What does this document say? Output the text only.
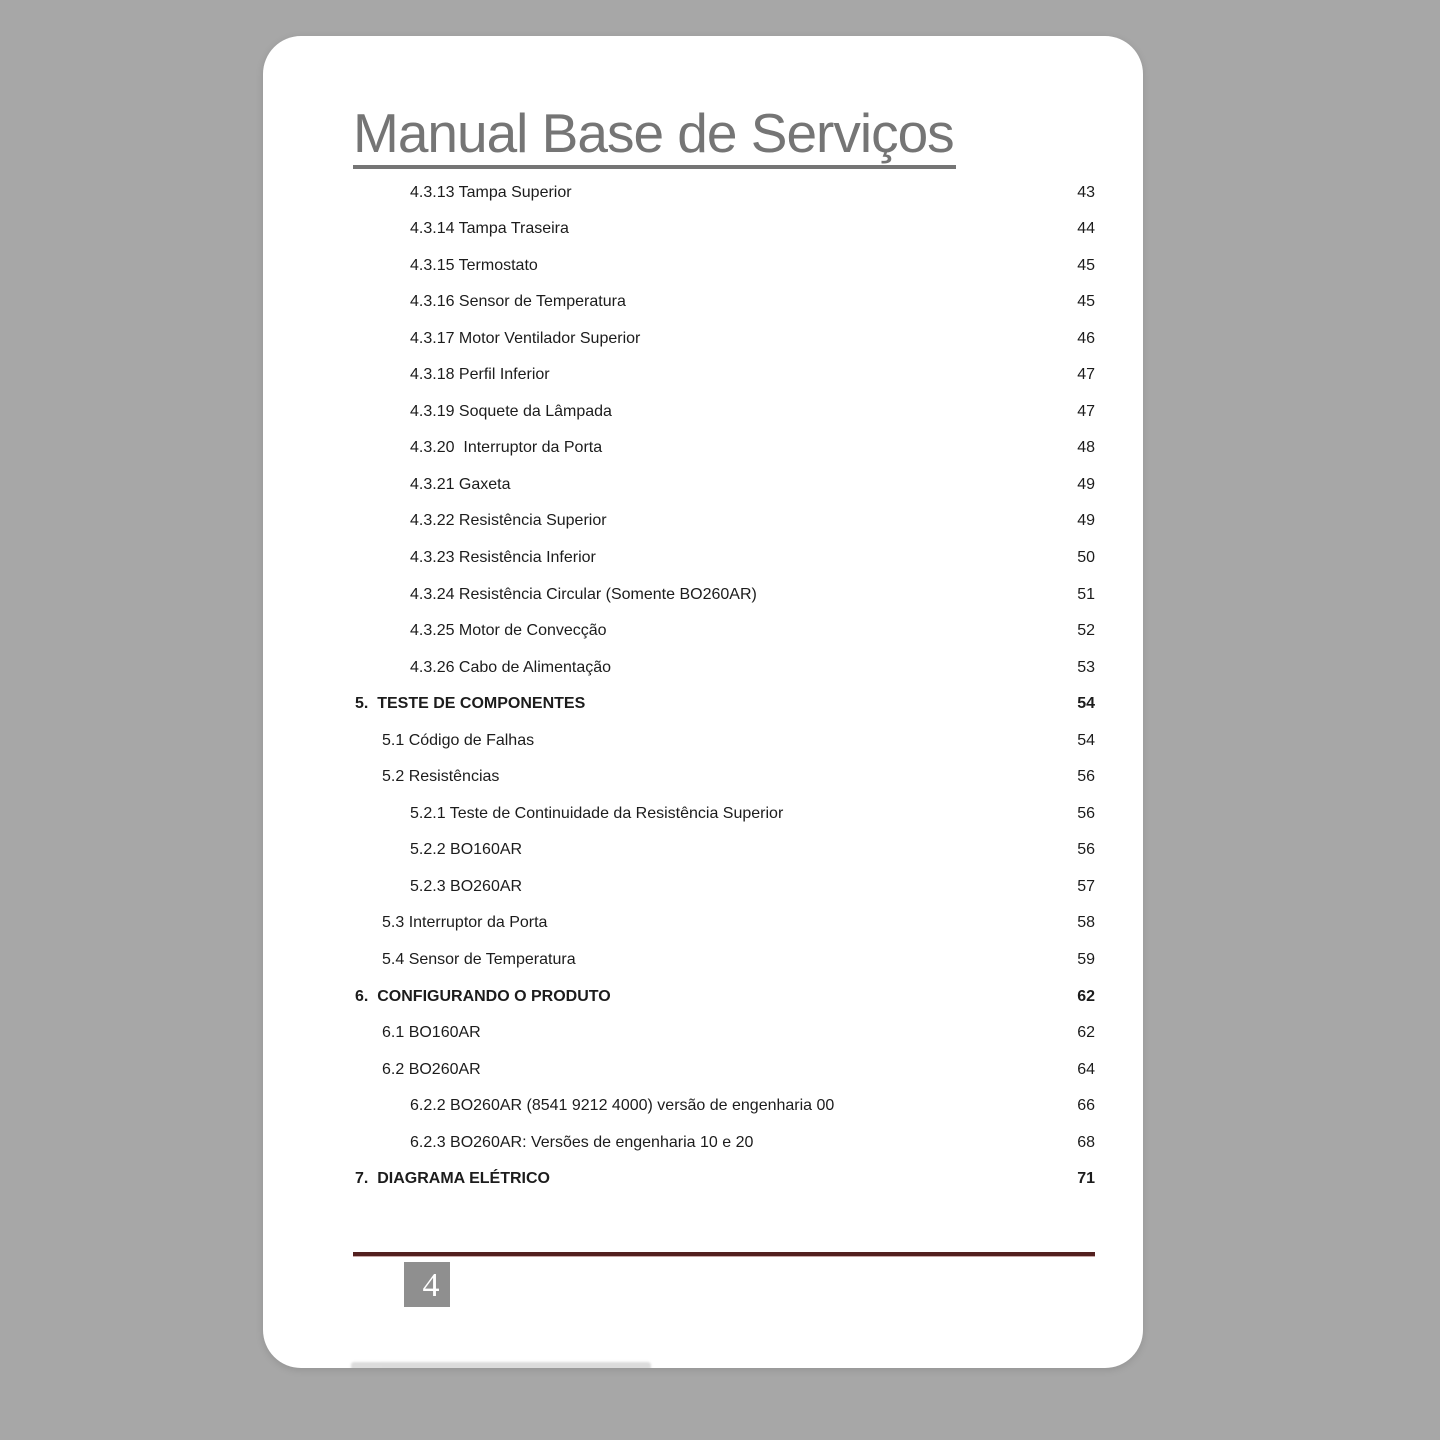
Manual Base de Serviços
4.3.13 Tampa Superior	43
4.3.14 Tampa Traseira	44
4.3.15 Termostato	45
4.3.16 Sensor de Temperatura	45
4.3.17 Motor Ventilador Superior	46
4.3.18 Perfil Inferior	47
4.3.19 Soquete da Lâmpada	47
4.3.20  Interruptor da Porta	48
4.3.21 Gaxeta	49
4.3.22 Resistência Superior	49
4.3.23 Resistência Inferior	50
4.3.24 Resistência Circular (Somente BO260AR)	51
4.3.25 Motor de Convecção	52
4.3.26 Cabo de Alimentação	53
5.  TESTE DE COMPONENTES	54
5.1 Código de Falhas	54
5.2 Resistências	56
5.2.1 Teste de Continuidade da Resistência Superior	56
5.2.2 BO160AR	56
5.2.3 BO260AR	57
5.3 Interruptor da Porta	58
5.4 Sensor de Temperatura	59
6.  CONFIGURANDO O PRODUTO	62
6.1 BO160AR	62
6.2 BO260AR	64
6.2.2 BO260AR (8541 9212 4000) versão de engenharia 00	66
6.2.3 BO260AR: Versões de engenharia 10 e 20	68
7.  DIAGRAMA ELÉTRICO	71
4
